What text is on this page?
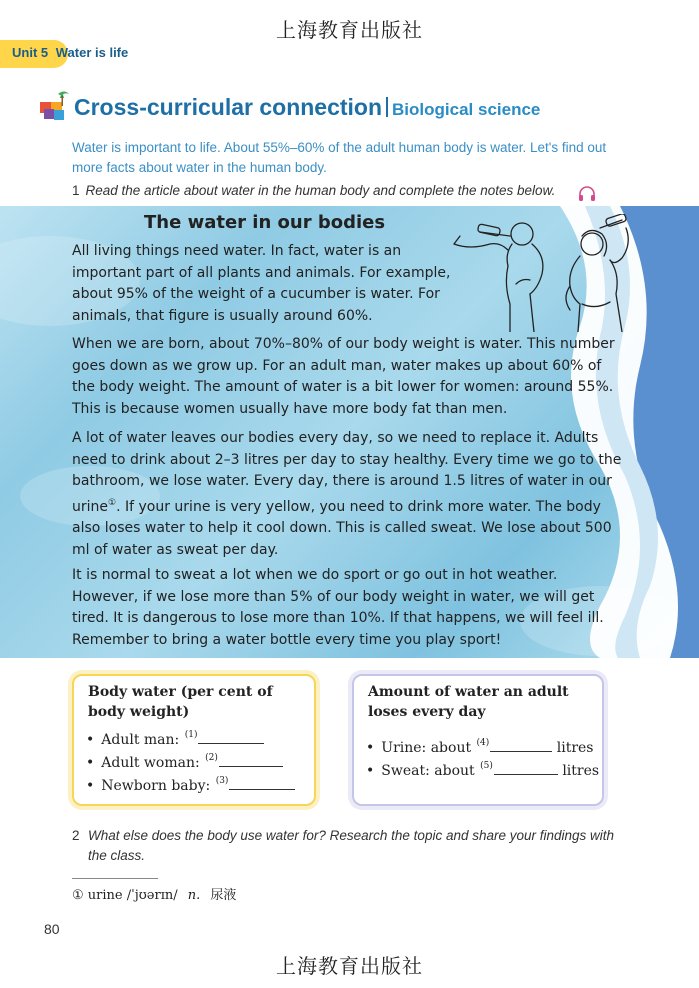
上海教育出版社
Unit 5 Water is life
Cross-curricular connection Biological science
Water is important to life. About 55%–60% of the adult human body is water. Let's find out more facts about water in the human body.
1 Read the article about water in the human body and complete the notes below.
The water in our bodies
All living things need water. In fact, water is an important part of all plants and animals. For example, about 95% of the weight of a cucumber is water. For animals, that figure is usually around 60%.
When we are born, about 70%–80% of our body weight is water. This number goes down as we grow up. For an adult man, water makes up about 60% of the body weight. The amount of water is a bit lower for women: around 55%. This is because women usually have more body fat than men.
A lot of water leaves our bodies every day, so we need to replace it. Adults need to drink about 2–3 litres per day to stay healthy. Every time we go to the bathroom, we lose water. Every day, there is around 1.5 litres of water in our urine①. If your urine is very yellow, you need to drink more water. The body also loses water to help it cool down. This is called sweat. We lose about 500 ml of water as sweat per day.
It is normal to sweat a lot when we do sport or go out in hot weather. However, if we lose more than 5% of our body weight in water, we will get tired. It is dangerous to lose more than 10%. If that happens, we will feel ill. Remember to bring a water bottle every time you play sport!
Body water (per cent of
body weight)
• Adult man: $^{(1)}$
• Adult woman: $^{(2)}$
• Newborn baby: $^{(3)}$
Amount of water an adult
loses every day
• Urine: about $^{(4)}$	litres
• Sweat: about $^{(5)}$	litres
2 What else does the body use water for? Research the topic and share your findings with the class.
① urine /ˈjʊərɪn/ n. 尿液
80
上海教育出版社
